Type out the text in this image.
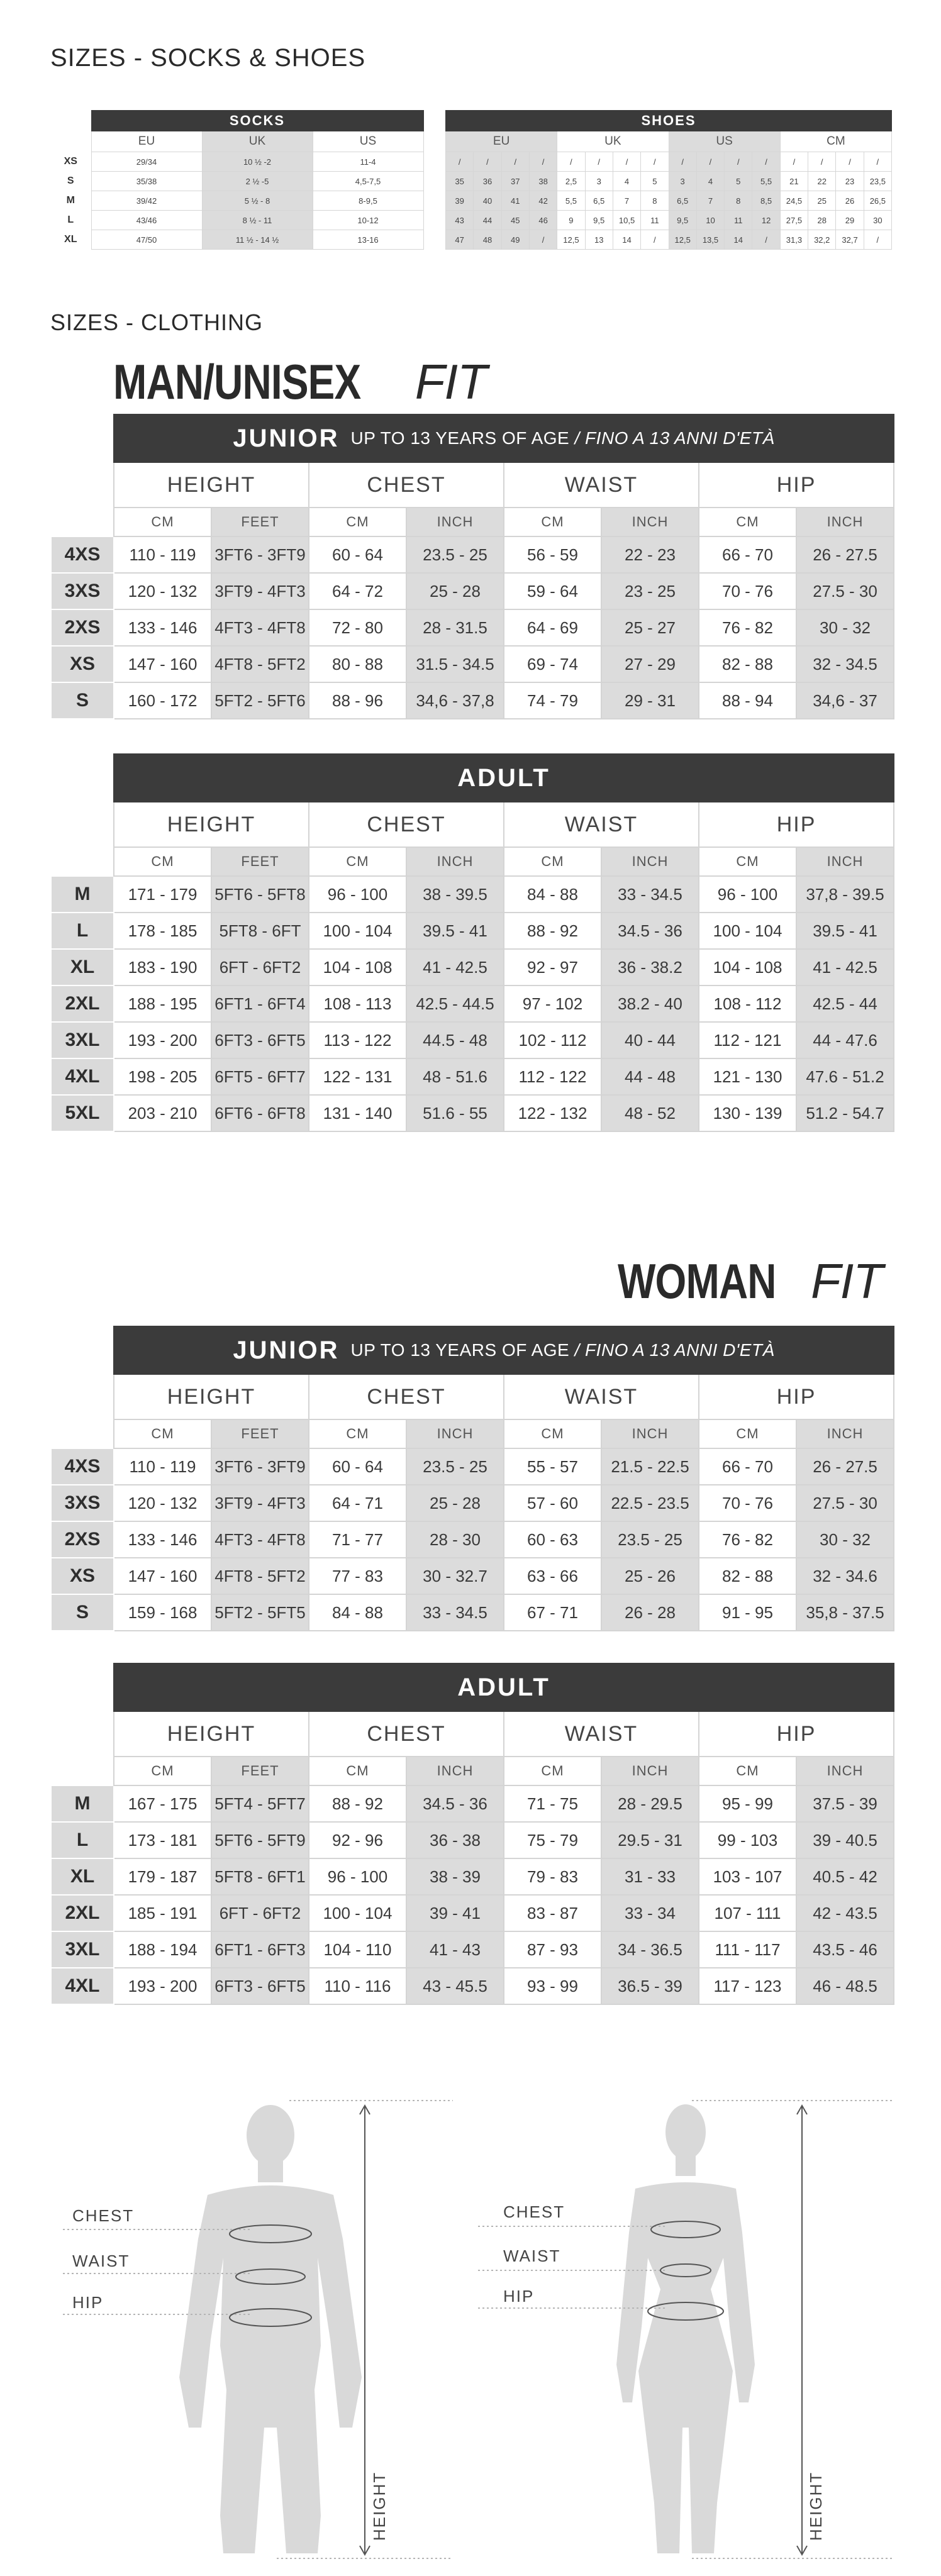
SIZES - SOCKS & SHOES
	SOCKS		
	EU	UK	US
XS	29/34	10 ½ -2	11-4
S	35/38	2 ½ -5	4,5-7,5
M	39/42	5 ½ - 8	8-9,5
L	43/46	8 ½ - 11	10-12
XL	47/50	11 ½ - 14 ½	13-16
SHOES															
EU				UK				US				CM			
/	/	/	/	/	/	/	/	/	/	/	/	/	/	/	/
35	36	37	38	2,5	3	4	5	3	4	5	5,5	21	22	23	23,5
39	40	41	42	5,5	6,5	7	8	6,5	7	8	8,5	24,5	25	26	26,5
43	44	45	46	9	9,5	10,5	11	9,5	10	11	12	27,5	28	29	30
47	48	49	/	12,5	13	14	/	12,5	13,5	14	/	31,3	32,2	32,7	/
SIZES - CLOTHING
MAN/UNISEX FIT
	JUNIOR UP TO 13 YEARS OF AGE / FINO A 13 ANNI D'ETÀ							
	HEIGHT		CHEST		WAIST		HIP	
	CM	FEET	CM	INCH	CM	INCH	CM	INCH
4XS	110 - 119	3FT6 - 3FT9	60 - 64	23.5 - 25	56 - 59	22 - 23	66 - 70	26 - 27.5
3XS	120 - 132	3FT9 - 4FT3	64 - 72	25 - 28	59 - 64	23 - 25	70 - 76	27.5 - 30
2XS	133 - 146	4FT3 - 4FT8	72 - 80	28 - 31.5	64 - 69	25 - 27	76 - 82	30 - 32
XS	147 - 160	4FT8 - 5FT2	80 - 88	31.5 - 34.5	69 - 74	27 - 29	82 - 88	32 - 34.5
S	160 - 172	5FT2 - 5FT6	88 - 96	34,6 - 37,8	74 - 79	29 - 31	88 - 94	34,6 - 37
	ADULT							
	HEIGHT		CHEST		WAIST		HIP	
	CM	FEET	CM	INCH	CM	INCH	CM	INCH
M	171 - 179	5FT6 - 5FT8	96 - 100	38 - 39.5	84 - 88	33 - 34.5	96 - 100	37,8 - 39.5
L	178 - 185	5FT8 - 6FT	100 - 104	39.5 - 41	88 - 92	34.5 - 36	100 - 104	39.5 - 41
XL	183 - 190	6FT - 6FT2	104 - 108	41 - 42.5	92 - 97	36 - 38.2	104 - 108	41 - 42.5
2XL	188 - 195	6FT1 - 6FT4	108 - 113	42.5 - 44.5	97 - 102	38.2 - 40	108 - 112	42.5 - 44
3XL	193 - 200	6FT3 - 6FT5	113 - 122	44.5 - 48	102 - 112	40 - 44	112 - 121	44 - 47.6
4XL	198 - 205	6FT5 - 6FT7	122 - 131	48 - 51.6	112 - 122	44 - 48	121 - 130	47.6 - 51.2
5XL	203 - 210	6FT6 - 6FT8	131 - 140	51.6 - 55	122 - 132	48 - 52	130 - 139	51.2 - 54.7
WOMAN FIT
	JUNIOR UP TO 13 YEARS OF AGE / FINO A 13 ANNI D'ETÀ							
	HEIGHT		CHEST		WAIST		HIP	
	CM	FEET	CM	INCH	CM	INCH	CM	INCH
4XS	110 - 119	3FT6 - 3FT9	60 - 64	23.5 - 25	55 - 57	21.5 - 22.5	66 - 70	26 - 27.5
3XS	120 - 132	3FT9 - 4FT3	64 - 71	25 - 28	57 - 60	22.5 - 23.5	70 - 76	27.5 - 30
2XS	133 - 146	4FT3 - 4FT8	71 - 77	28 - 30	60 - 63	23.5 - 25	76 - 82	30 - 32
XS	147 - 160	4FT8 - 5FT2	77 - 83	30 - 32.7	63 - 66	25 - 26	82 - 88	32 - 34.6
S	159 - 168	5FT2 - 5FT5	84 - 88	33 - 34.5	67 - 71	26 - 28	91 - 95	35,8 - 37.5
	ADULT							
	HEIGHT		CHEST		WAIST		HIP	
	CM	FEET	CM	INCH	CM	INCH	CM	INCH
M	167 - 175	5FT4 - 5FT7	88 - 92	34.5 - 36	71 - 75	28 - 29.5	95 - 99	37.5 - 39
L	173 - 181	5FT6 - 5FT9	92 - 96	36 - 38	75 - 79	29.5 - 31	99 - 103	39 - 40.5
XL	179 - 187	5FT8 - 6FT1	96 - 100	38 - 39	79 - 83	31 - 33	103 - 107	40.5 - 42
2XL	185 - 191	6FT - 6FT2	100 - 104	39 - 41	83 - 87	33 - 34	107 - 111	42 - 43.5
3XL	188 - 194	6FT1 - 6FT3	104 - 110	41 - 43	87 - 93	34 - 36.5	111 - 117	43.5 - 46
4XL	193 - 200	6FT3 - 6FT5	110 - 116	43 - 45.5	93 - 99	36.5 - 39	117 - 123	46 - 48.5
CHEST
WAIST
HIP
HEIGHT
CHEST
WAIST
HIP
HEIGHT
